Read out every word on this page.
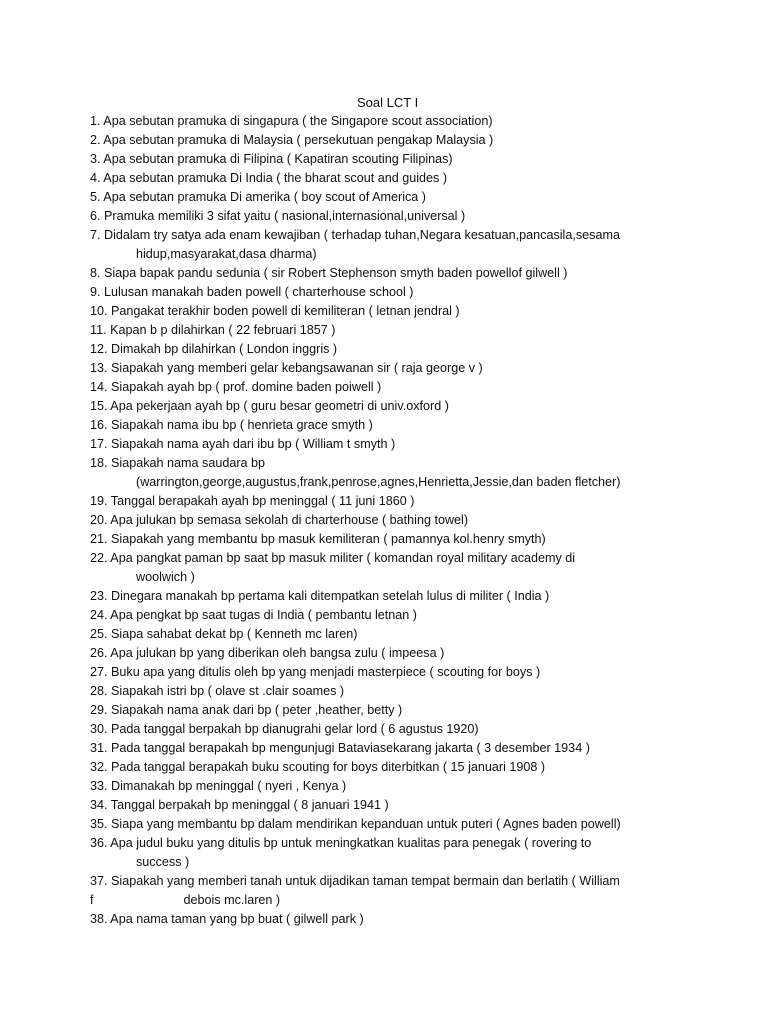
Soal LCT I
1. Apa sebutan pramuka di singapura ( the Singapore scout association)
2. Apa sebutan pramuka di Malaysia ( persekutuan pengakap Malaysia )
3. Apa sebutan pramuka di Filipina ( Kapatiran scouting Filipinas)
4. Apa sebutan pramuka Di India ( the bharat scout and guides )
5. Apa sebutan pramuka Di amerika ( boy scout of America )
6. Pramuka memiliki 3 sifat yaitu ( nasional,internasional,universal )
7. Didalam try satya ada enam kewajiban ( terhadap tuhan,Negara kesatuan,pancasila,sesama
hidup,masyarakat,dasa dharma)
8. Siapa bapak pandu sedunia ( sir Robert Stephenson smyth baden powellof gilwell )
9. Lulusan manakah baden powell ( charterhouse school )
10. Pangakat terakhir boden powell di kemiliteran ( letnan jendral )
11. Kapan b p dilahirkan ( 22 februari 1857 )
12. Dimakah bp dilahirkan ( London inggris )
13. Siapakah yang memberi gelar kebangsawanan sir ( raja george v )
14. Siapakah ayah bp ( prof. domine baden poiwell )
15. Apa pekerjaan ayah bp ( guru besar geometri di univ.oxford )
16. Siapakah nama ibu bp ( henrieta grace smyth )
17. Siapakah nama ayah dari ibu bp ( William t smyth )
18. Siapakah nama saudara bp
(warrington,george,augustus,frank,penrose,agnes,Henrietta,Jessie,dan baden fletcher)
19. Tanggal berapakah ayah bp meninggal ( 11 juni 1860 )
20. Apa julukan bp semasa sekolah di charterhouse ( bathing towel)
21. Siapakah yang membantu bp masuk kemiliteran ( pamannya kol.henry smyth)
22. Apa pangkat paman bp saat bp masuk militer ( komandan royal military academy di
woolwich )
23. Dinegara manakah bp pertama kali ditempatkan setelah lulus di militer ( India )
24. Apa pengkat bp saat tugas di India ( pembantu letnan )
25. Siapa sahabat dekat bp ( Kenneth mc laren)
26. Apa julukan bp yang diberikan oleh bangsa zulu ( impeesa )
27. Buku apa yang ditulis oleh bp yang menjadi masterpiece ( scouting for boys )
28. Siapakah istri bp ( olave st .clair soames )
29. Siapakah nama anak dari bp ( peter ,heather, betty )
30. Pada tanggal berpakah bp dianugrahi gelar lord ( 6 agustus 1920)
31. Pada tanggal berapakah bp mengunjugi Bataviasekarang jakarta ( 3 desember 1934 )
32. Pada tanggal berapakah buku scouting for boys diterbitkan ( 15 januari 1908 )
33. Dimanakah bp meninggal ( nyeri , Kenya )
34. Tanggal berpakah bp meninggal ( 8 januari 1941 )
35. Siapa yang membantu bp dalam mendirikan kepanduan untuk puteri ( Agnes baden powell)
36. Apa judul buku yang ditulis bp untuk meningkatkan kualitas para penegak ( rovering to
success )
37. Siapakah yang memberi tanah untuk dijadikan taman tempat bermain dan berlatih ( William
f	debois mc.laren )
38. Apa nama taman yang bp buat ( gilwell park )
